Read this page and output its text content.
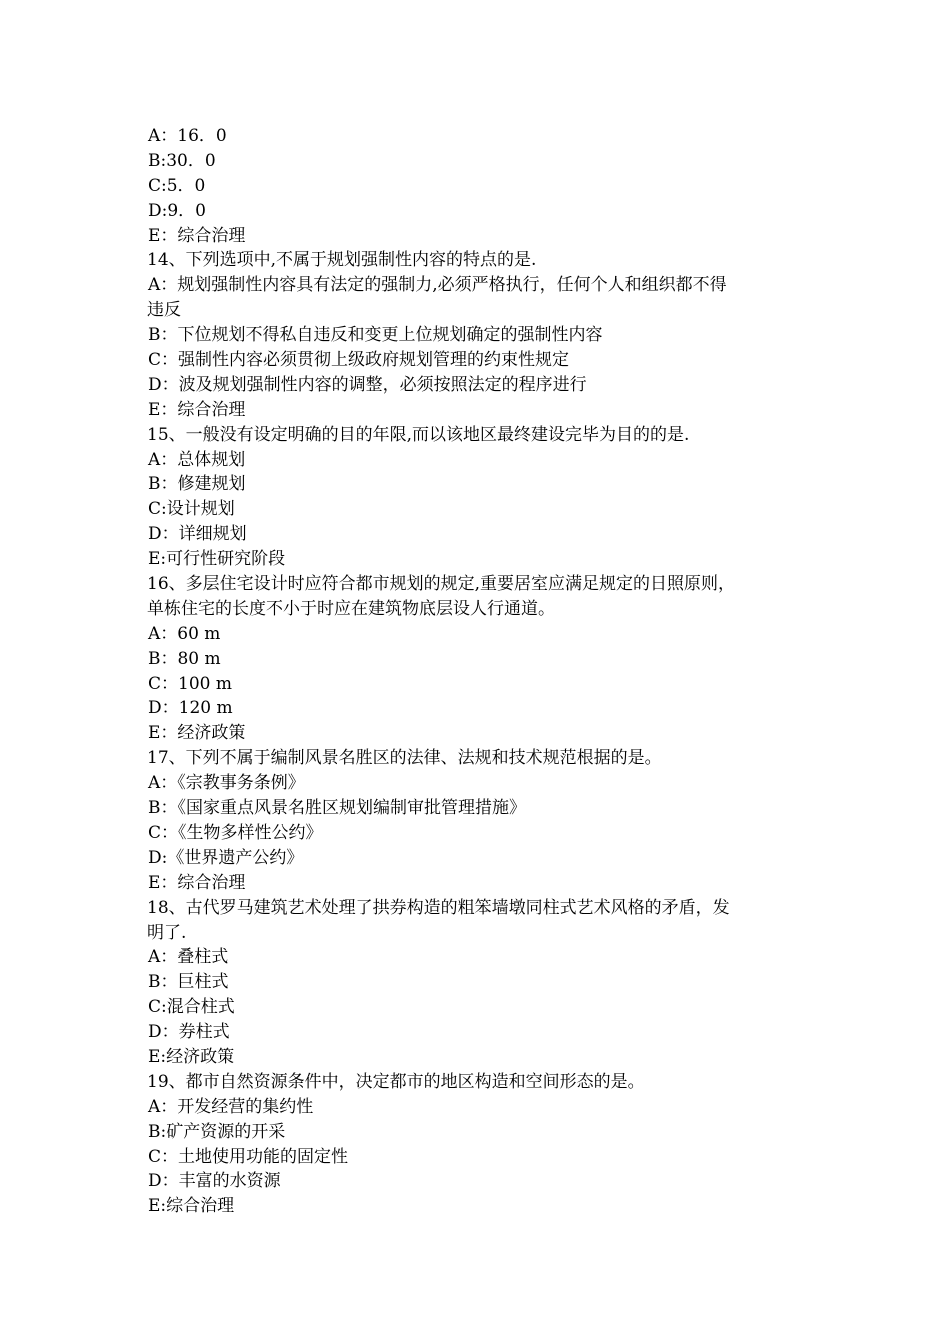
A：16．0
B:30．0
C:5．0
D:9．0
E：综合治理
14、下列选项中,不属于规划强制性内容的特点的是.
A：规划强制性内容具有法定的强制力,必须严格执行，任何个人和组织都不得
违反
B：下位规划不得私自违反和变更上位规划确定的强制性内容
C：强制性内容必须贯彻上级政府规划管理的约束性规定
D：波及规划强制性内容的调整，必须按照法定的程序进行
E：综合治理
15、一般没有设定明确的目的年限,而以该地区最终建设完毕为目的的是.
A：总体规划
B：修建规划
C:设计规划
D：详细规划
E:可行性研究阶段
16、多层住宅设计时应符合都市规划的规定,重要居室应满足规定的日照原则，
单栋住宅的长度不小于时应在建筑物底层设人行通道。
A：60 m
B：80 m
C：100 m
D：120 m
E：经济政策
17、下列不属于编制风景名胜区的法律、法规和技术规范根据的是。
A：《宗教事务条例》
B：《国家重点风景名胜区规划编制审批管理措施》
C：《生物多样性公约》
D:《世界遗产公约》
E：综合治理
18、古代罗马建筑艺术处理了拱券构造的粗笨墙墩同柱式艺术风格的矛盾，发
明了.
A：叠柱式
B：巨柱式
C:混合柱式
D：券柱式
E:经济政策
19、都市自然资源条件中，决定都市的地区构造和空间形态的是。
A：开发经营的集约性
B:矿产资源的开采
C：土地使用功能的固定性
D：丰富的水资源
E:综合治理
